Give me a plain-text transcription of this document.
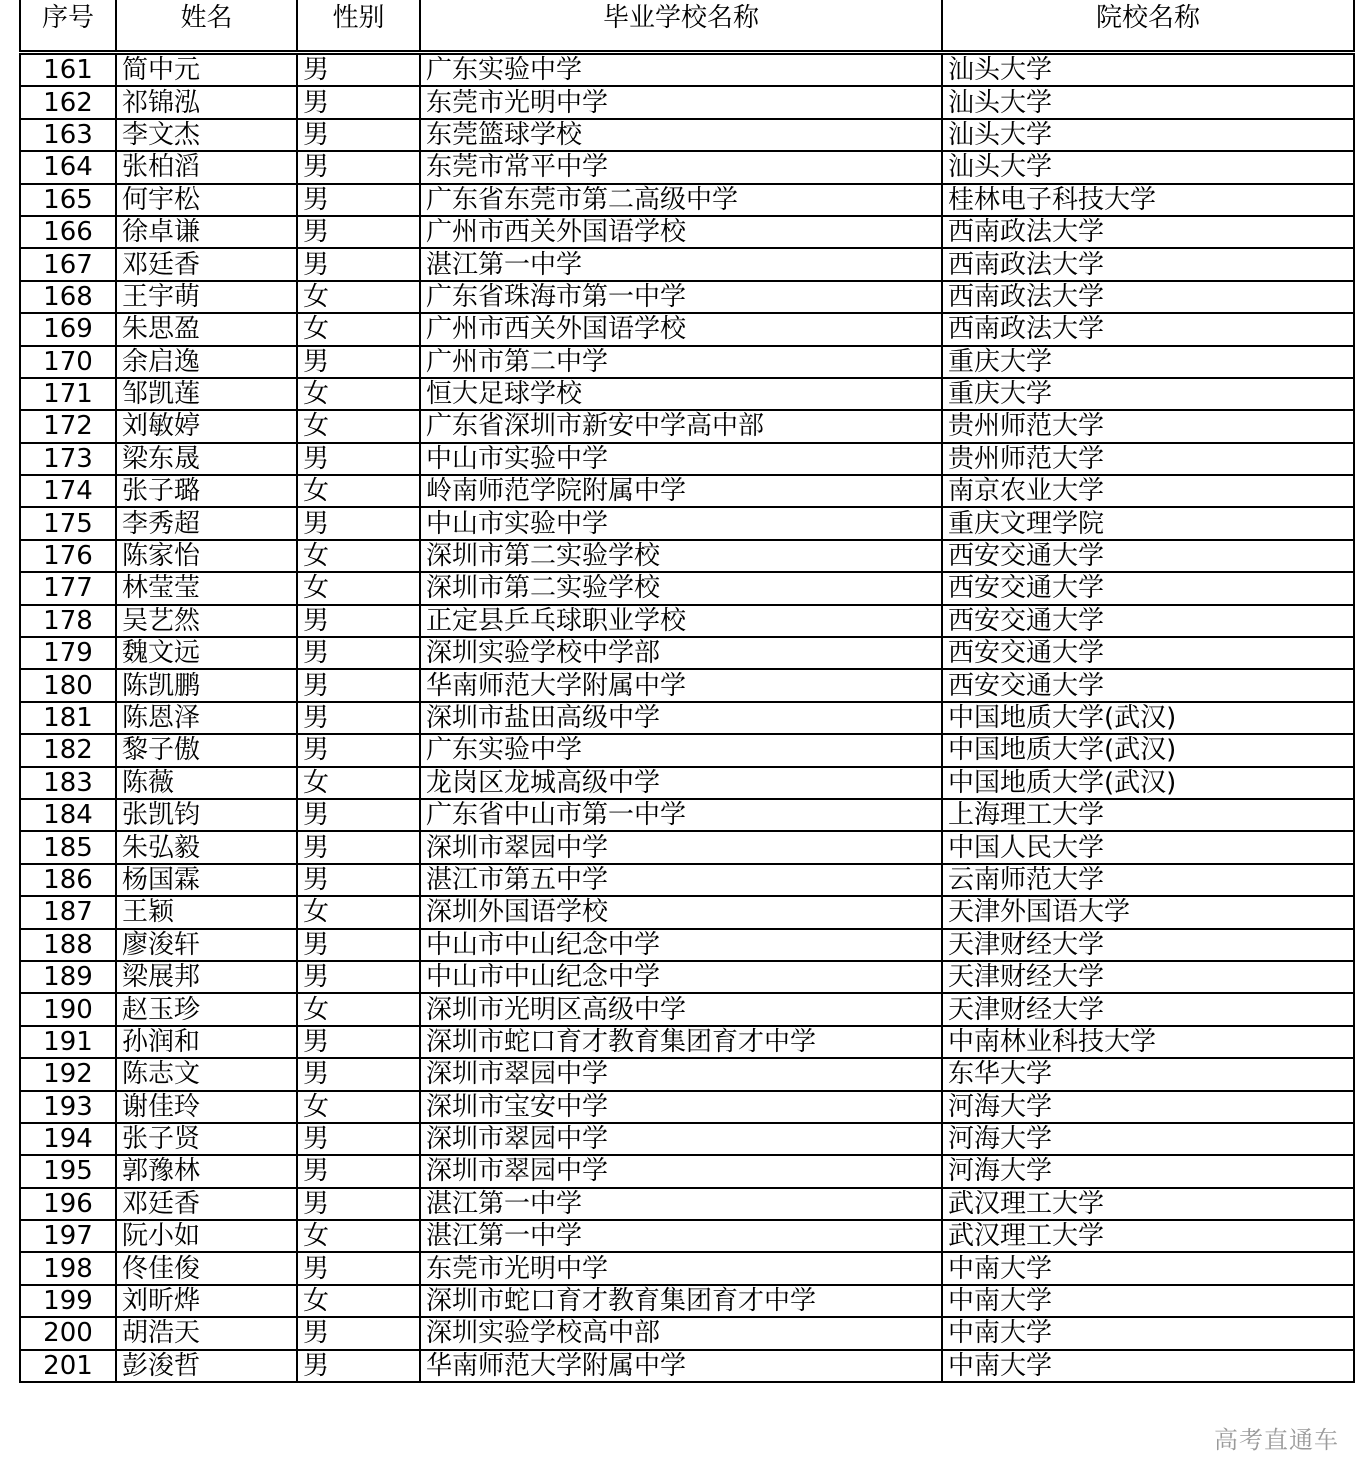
序号	姓名	性别	毕业学校名称	院校名称
161	简中元	男	广东实验中学	汕头大学
162	祁锦泓	男	东莞市光明中学	汕头大学
163	李文杰	男	东莞篮球学校	汕头大学
164	张柏滔	男	东莞市常平中学	汕头大学
165	何宇松	男	广东省东莞市第二高级中学	桂林电子科技大学
166	徐卓谦	男	广州市西关外国语学校	西南政法大学
167	邓廷香	男	湛江第一中学	西南政法大学
168	王宇萌	女	广东省珠海市第一中学	西南政法大学
169	朱思盈	女	广州市西关外国语学校	西南政法大学
170	余启逸	男	广州市第二中学	重庆大学
171	邹凯莲	女	恒大足球学校	重庆大学
172	刘敏婷	女	广东省深圳市新安中学高中部	贵州师范大学
173	梁东晟	男	中山市实验中学	贵州师范大学
174	张子璐	女	岭南师范学院附属中学	南京农业大学
175	李秀超	男	中山市实验中学	重庆文理学院
176	陈家怡	女	深圳市第二实验学校	西安交通大学
177	林莹莹	女	深圳市第二实验学校	西安交通大学
178	吴艺然	男	正定县乒乓球职业学校	西安交通大学
179	魏文远	男	深圳实验学校中学部	西安交通大学
180	陈凯鹏	男	华南师范大学附属中学	西安交通大学
181	陈恩泽	男	深圳市盐田高级中学	中国地质大学(武汉)
182	黎子傲	男	广东实验中学	中国地质大学(武汉)
183	陈薇	女	龙岗区龙城高级中学	中国地质大学(武汉)
184	张凯钧	男	广东省中山市第一中学	上海理工大学
185	朱弘毅	男	深圳市翠园中学	中国人民大学
186	杨国霖	男	湛江市第五中学	云南师范大学
187	王颖	女	深圳外国语学校	天津外国语大学
188	廖浚轩	男	中山市中山纪念中学	天津财经大学
189	梁展邦	男	中山市中山纪念中学	天津财经大学
190	赵玉珍	女	深圳市光明区高级中学	天津财经大学
191	孙润和	男	深圳市蛇口育才教育集团育才中学	中南林业科技大学
192	陈志文	男	深圳市翠园中学	东华大学
193	谢佳玲	女	深圳市宝安中学	河海大学
194	张子贤	男	深圳市翠园中学	河海大学
195	郭豫林	男	深圳市翠园中学	河海大学
196	邓廷香	男	湛江第一中学	武汉理工大学
197	阮小如	女	湛江第一中学	武汉理工大学
198	佟佳俊	男	东莞市光明中学	中南大学
199	刘昕烨	女	深圳市蛇口育才教育集团育才中学	中南大学
200	胡浩天	男	深圳实验学校高中部	中南大学
201	彭浚哲	男	华南师范大学附属中学	中南大学
高考直通车
